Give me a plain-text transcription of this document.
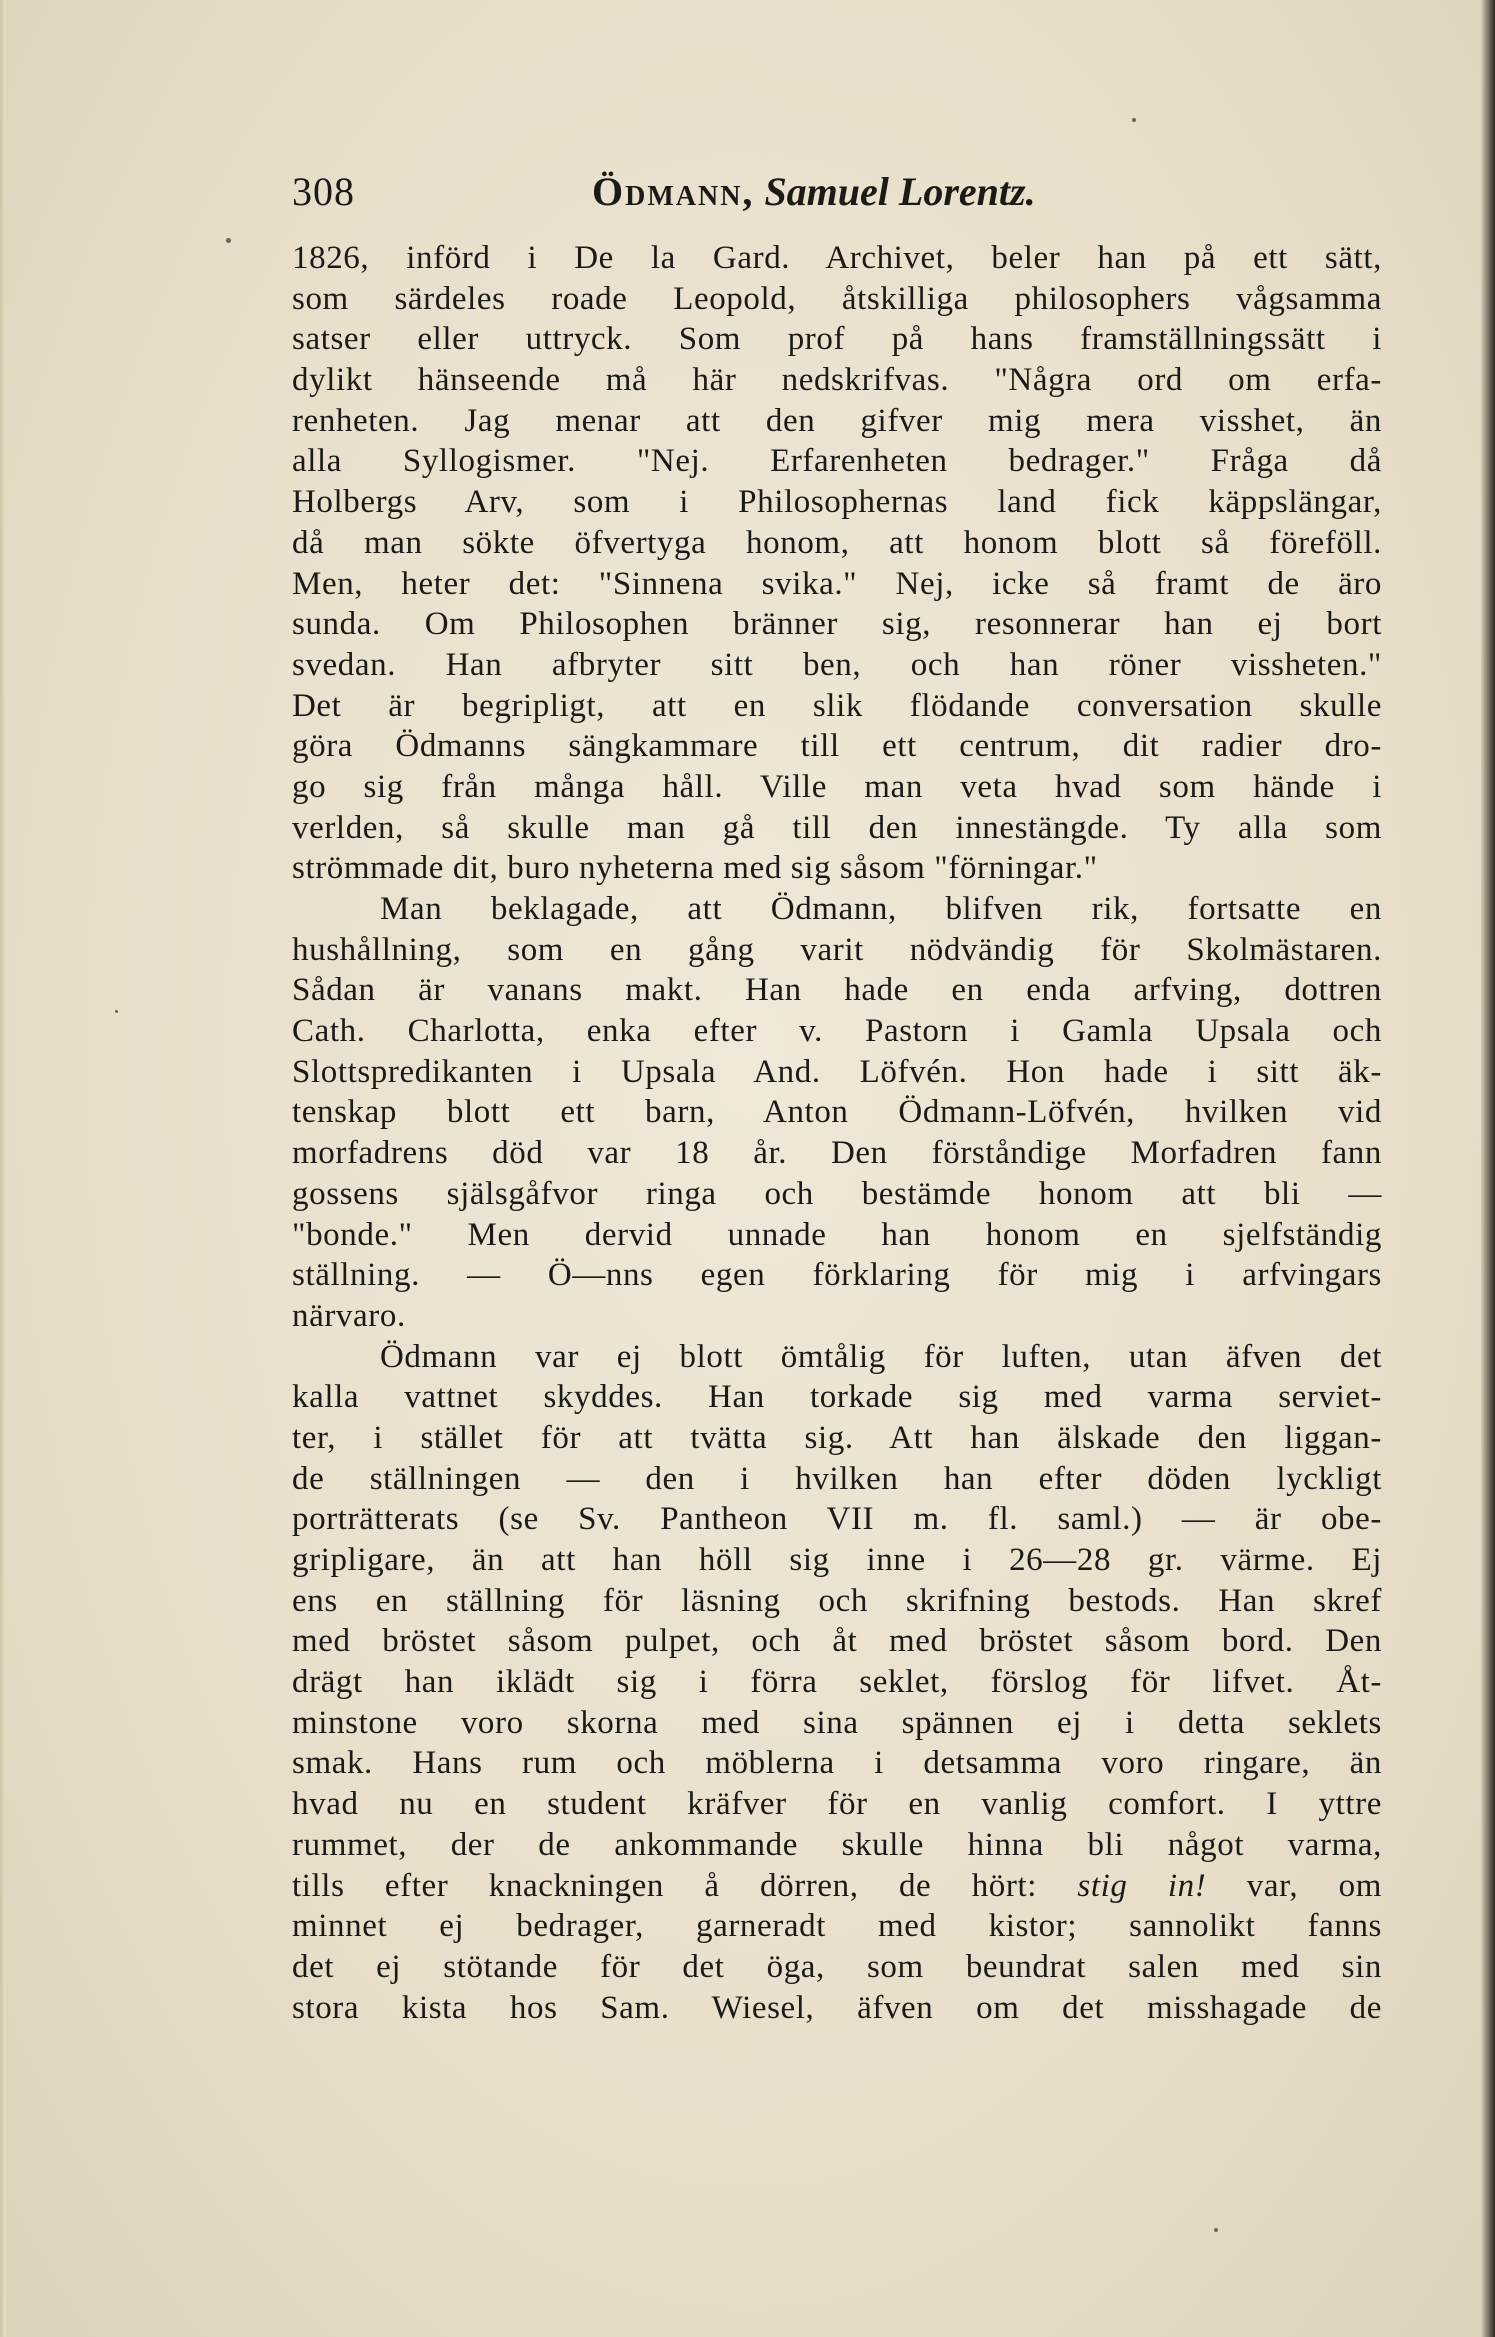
308	Ödmann, Samuel Lorentz.
1826, införd i De la Gard. Archivet, beler han på ett sätt,
som särdeles roade Leopold, åtskilliga philosophers vågsamma
satser eller uttryck. Som prof på hans framställningssätt i
dylikt hänseende må här nedskrifvas. "Några ord om erfa-
renheten. Jag menar att den gifver mig mera visshet, än
alla Syllogismer. "Nej. Erfarenheten bedrager." Fråga då
Holbergs Arv, som i Philosophernas land fick käppslängar,
då man sökte öfvertyga honom, att honom blott så föreföll.
Men, heter det: "Sinnena svika." Nej, icke så framt de äro
sunda. Om Philosophen bränner sig, resonnerar han ej bort
svedan. Han afbryter sitt ben, och han röner vissheten."
Det är begripligt, att en slik flödande conversation skulle
göra Ödmanns sängkammare till ett centrum, dit radier dro-
go sig från många håll. Ville man veta hvad som hände i
verlden, så skulle man gå till den innestängde. Ty alla som
strömmade dit, buro nyheterna med sig såsom "förningar."
Man beklagade, att Ödmann, blifven rik, fortsatte en
hushållning, som en gång varit nödvändig för Skolmästaren.
Sådan är vanans makt. Han hade en enda arfving, dottren
Cath. Charlotta, enka efter v. Pastorn i Gamla Upsala och
Slottspredikanten i Upsala And. Löfvén. Hon hade i sitt äk-
tenskap blott ett barn, Anton Ödmann-Löfvén, hvilken vid
morfadrens död var 18 år. Den förståndige Morfadren fann
gossens själsgåfvor ringa och bestämde honom att bli —
"bonde." Men dervid unnade han honom en sjelfständig
ställning. — Ö—nns egen förklaring för mig i arfvingars
närvaro.
Ödmann var ej blott ömtålig för luften, utan äfven det
kalla vattnet skyddes. Han torkade sig med varma serviet-
ter, i stället för att tvätta sig. Att han älskade den liggan-
de ställningen — den i hvilken han efter döden lyckligt
porträtterats (se Sv. Pantheon VII m. fl. saml.) — är obe-
gripligare, än att han höll sig inne i 26—28 gr. värme. Ej
ens en ställning för läsning och skrifning bestods. Han skref
med bröstet såsom pulpet, och åt med bröstet såsom bord. Den
drägt han iklädt sig i förra seklet, förslog för lifvet. Åt-
minstone voro skorna med sina spännen ej i detta seklets
smak. Hans rum och möblerna i detsamma voro ringare, än
hvad nu en student kräfver för en vanlig comfort. I yttre
rummet, der de ankommande skulle hinna bli något varma,
tills efter knackningen å dörren, de hört: stig in! var, om
minnet ej bedrager, garneradt med kistor; sannolikt fanns
det ej stötande för det öga, som beundrat salen med sin
stora kista hos Sam. Wiesel, äfven om det misshagade de
